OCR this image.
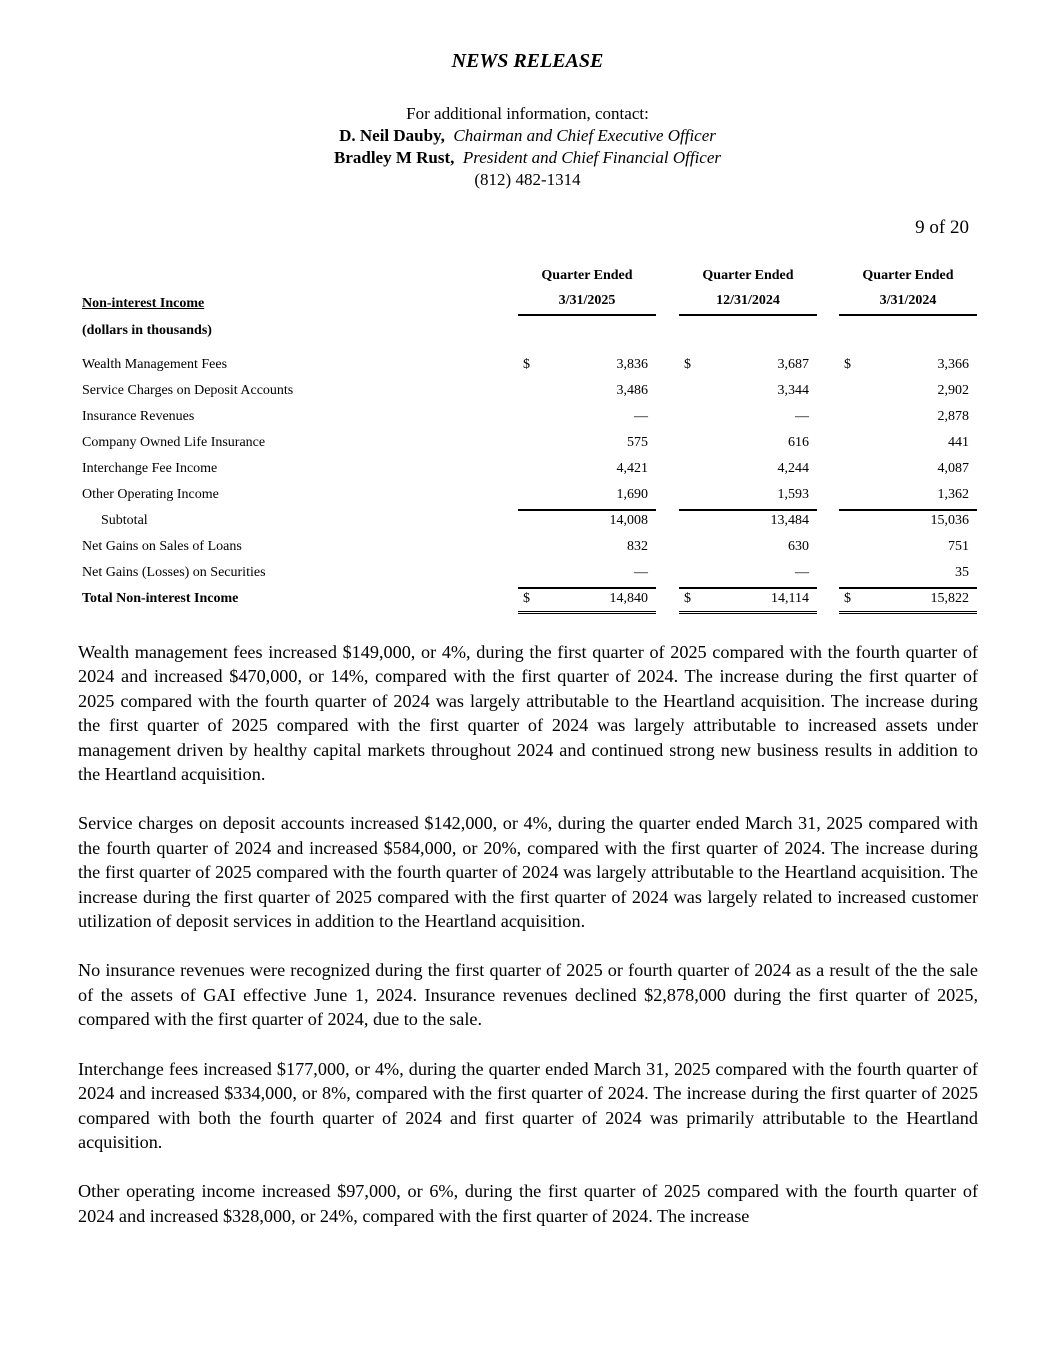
NEWS RELEASE
For additional information, contact:
D. Neil Dauby, Chairman and Chief Executive Officer
Bradley M Rust, President and Chief Financial Officer
(812) 482-1314
9 of 20
Quarter Ended	Quarter Ended	Quarter Ended
Non-interest Income	3/31/2025	12/31/2024	3/31/2024
(dollars in thousands)
Wealth Management Fees	$	3,836	$	3,687	$	3,366
Service Charges on Deposit Accounts	3,486	3,344	2,902
Insurance Revenues	—	—	2,878
Company Owned Life Insurance	575	616	441
Interchange Fee Income	4,421	4,244	4,087
Other Operating Income	1,690	1,593	1,362
Subtotal	14,008	13,484	15,036
Net Gains on Sales of Loans	832	630	751
Net Gains (Losses) on Securities	—	—	35
Total Non-interest Income	$	14,840	$	14,114	$	15,822

Wealth management fees increased $149,000, or 4%, during the first quarter of 2025 compared with the fourth quarter of 2024 and increased $470,000, or 14%, compared with the first quarter of 2024. The increase during the first quarter of 2025 compared with the fourth quarter of 2024 was largely attributable to the Heartland acquisition. The increase during the first quarter of 2025 compared with the first quarter of 2024 was largely attributable to increased assets under management driven by healthy capital markets throughout 2024 and continued strong new business results in addition to the Heartland acquisition.

Service charges on deposit accounts increased $142,000, or 4%, during the quarter ended March 31, 2025 compared with the fourth quarter of 2024 and increased $584,000, or 20%, compared with the first quarter of 2024. The increase during the first quarter of 2025 compared with the fourth quarter of 2024 was largely attributable to the Heartland acquisition. The increase during the first quarter of 2025 compared with the first quarter of 2024 was largely related to increased customer utilization of deposit services in addition to the Heartland acquisition.

No insurance revenues were recognized during the first quarter of 2025 or fourth quarter of 2024 as a result of the the sale of the assets of GAI effective June 1, 2024. Insurance revenues declined $2,878,000 during the first quarter of 2025, compared with the first quarter of 2024, due to the sale.

Interchange fees increased $177,000, or 4%, during the quarter ended March 31, 2025 compared with the fourth quarter of 2024 and increased $334,000, or 8%, compared with the first quarter of 2024. The increase during the first quarter of 2025 compared with both the fourth quarter of 2024 and first quarter of 2024 was primarily attributable to the Heartland acquisition.

Other operating income increased $97,000, or 6%, during the first quarter of 2025 compared with the fourth quarter of 2024 and increased $328,000, or 24%, compared with the first quarter of 2024. The increase
